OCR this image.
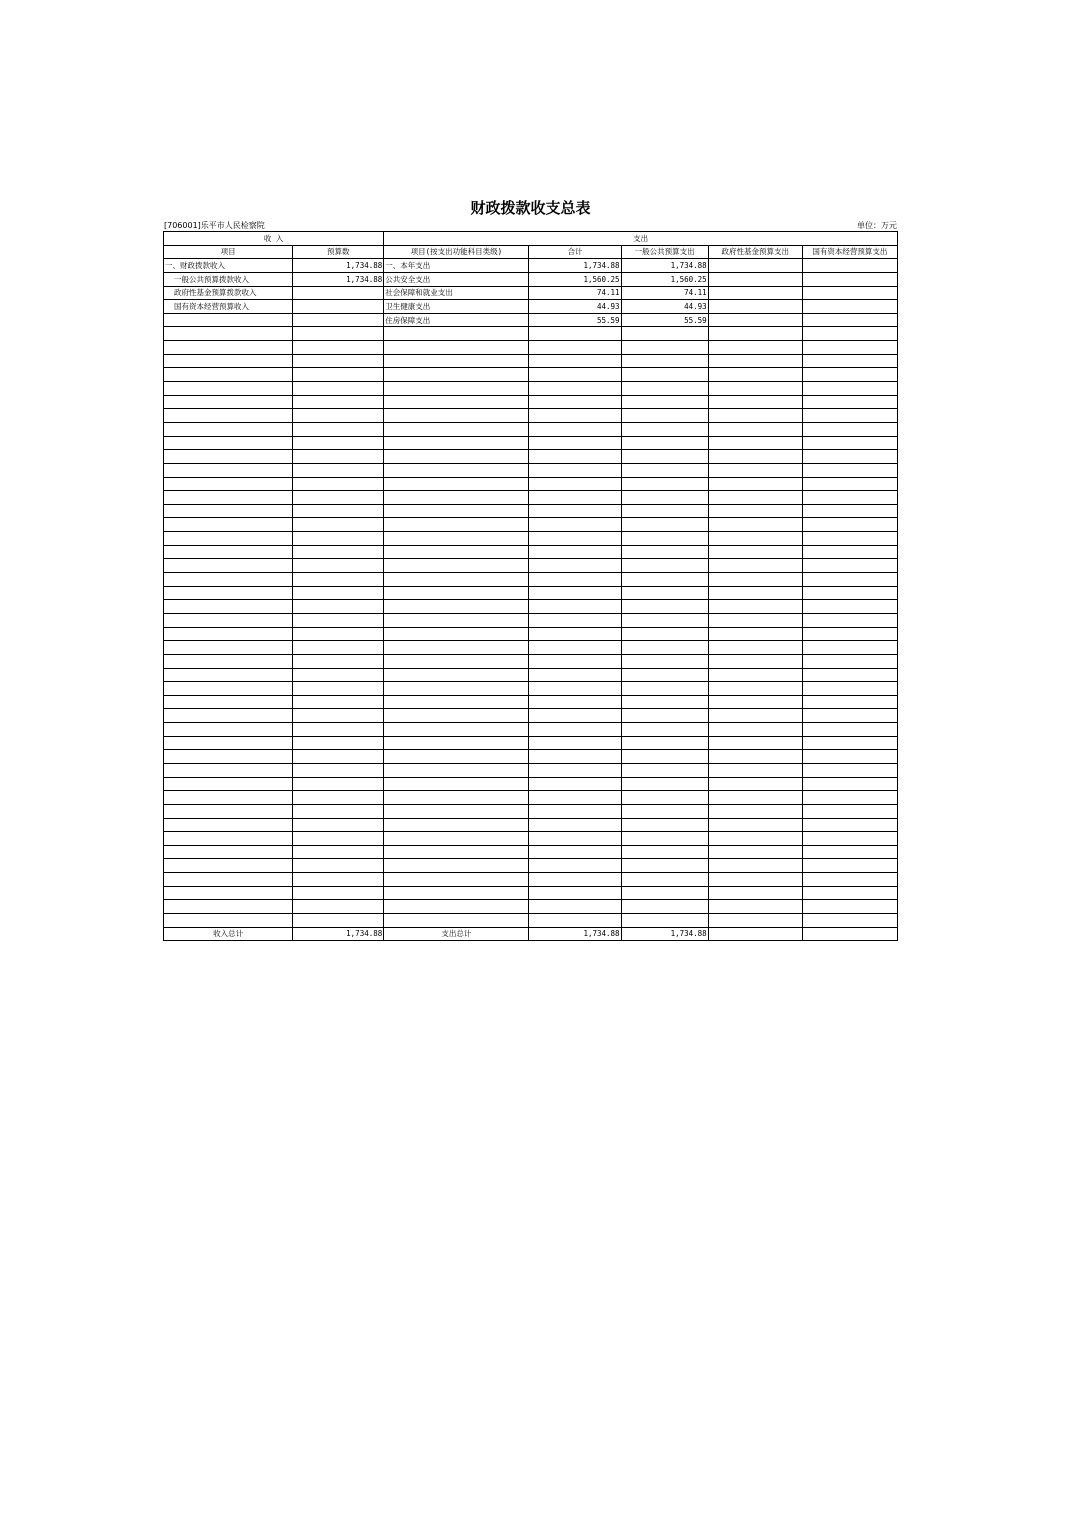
财政拨款收支总表
[706001]乐平市人民检察院	单位：万元
收 入		支出				
项目	预算数	项目(按支出功能科目类级)	合计	一般公共预算支出	政府性基金预算支出	国有资本经营预算支出
一、财政拨款收入	1,734.88	一、本年支出	1,734.88	1,734.88		
一般公共预算拨款收入	1,734.88	公共安全支出	1,560.25	1,560.25		
政府性基金预算拨款收入		社会保障和就业支出	74.11	74.11		
国有资本经营预算收入		卫生健康支出	44.93	44.93		
		住房保障支出	55.59	55.59		

收入总计	1,734.88	支出总计	1,734.88	1,734.88		
